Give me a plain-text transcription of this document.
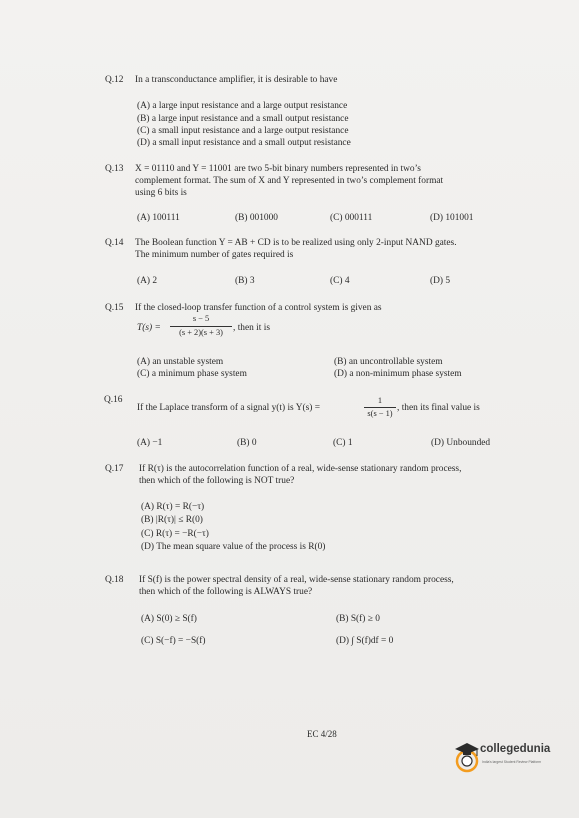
Q.12 In a transconductance amplifier, it is desirable to have
(A) a large input resistance and a large output resistance
(B) a large input resistance and a small output resistance
(C) a small input resistance and a large output resistance
(D) a small input resistance and a small output resistance
Q.13 X = 01110 and Y = 11001 are two 5-bit binary numbers represented in two’s
complement format. The sum of X and Y represented in two’s complement format
using 6 bits is
(A) 100111	(B) 001000	(C) 000111	(D) 101001
Q.14 The Boolean function Y = AB + CD is to be realized using only 2-input NAND gates.
The minimum number of gates required is
(A) 2	(B) 3	(C) 4	(D) 5
Q.15 If the closed-loop transfer function of a control system is given as
T(s) =
s − 5
(s + 2)(s + 3)	, then it is
(A) an unstable system	(B) an uncontrollable system
(C) a minimum phase system	(D) a non-minimum phase system
Q.16
If the Laplace transform of a signal y(t) is Y(s) =
1
s(s − 1)
, then its final value is
(A) −1	(B) 0	(C) 1	(D) Unbounded
Q.17 If R(τ) is the autocorrelation function of a real, wide-sense stationary random process,
then which of the following is NOT true?
(A) R(τ) = R(−τ)
(B) |R(τ)| ≤ R(0)
(C) R(τ) = −R(−τ)
(D) The mean square value of the process is R(0)
Q.18 If S(f) is the power spectral density of a real, wide-sense stationary random process,
then which of the following is ALWAYS true?
(A) S(0) ≥ S(f)	(B) S(f) ≥ 0
(C) S(−f) = −S(f)	(D) ∫ S(f)df = 0
EC 4/28
collegedunia
India's largest Student Review Platform
